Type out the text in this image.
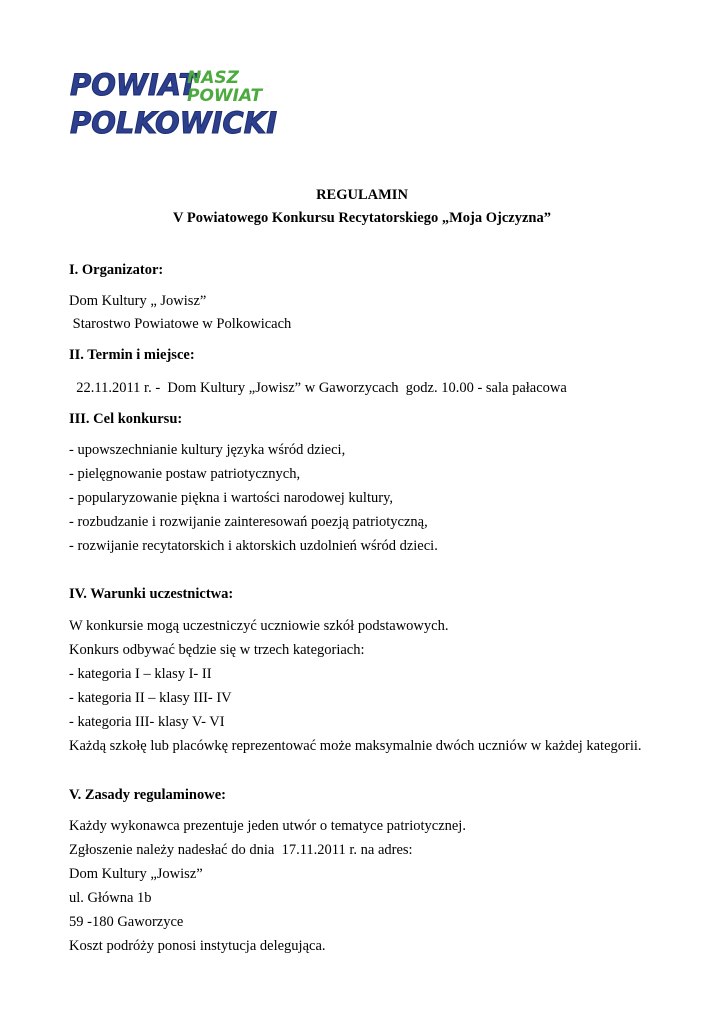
POWIAT
POLKOWICKI
NASZ
POWIAT
REGULAMIN
V Powiatowego Konkursu Recytatorskiego „Moja Ojczyzna”
I. Organizator:
Dom Kultury „ Jowisz”
Starostwo Powiatowe w Polkowicach
II. Termin i miejsce:
22.11.2011 r. -  Dom Kultury „Jowisz” w Gaworzycach  godz. 10.00 - sala pałacowa
III. Cel konkursu:
- upowszechnianie kultury języka wśród dzieci,
- pielęgnowanie postaw patriotycznych,
- popularyzowanie piękna i wartości narodowej kultury,
- rozbudzanie i rozwijanie zainteresowań poezją patriotyczną,
- rozwijanie recytatorskich i aktorskich uzdolnień wśród dzieci.
IV. Warunki uczestnictwa:
W konkursie mogą uczestniczyć uczniowie szkół podstawowych.
Konkurs odbywać będzie się w trzech kategoriach:
- kategoria I – klasy I- II
- kategoria II – klasy III- IV
- kategoria III- klasy V- VI
Każdą szkołę lub placówkę reprezentować może maksymalnie dwóch uczniów w każdej kategorii.
V. Zasady regulaminowe:
Każdy wykonawca prezentuje jeden utwór o tematyce patriotycznej.
Zgłoszenie należy nadesłać do dnia  17.11.2011 r. na adres:
Dom Kultury „Jowisz”
ul. Główna 1b
59 -180 Gaworzyce
Koszt podróży ponosi instytucja delegująca.
